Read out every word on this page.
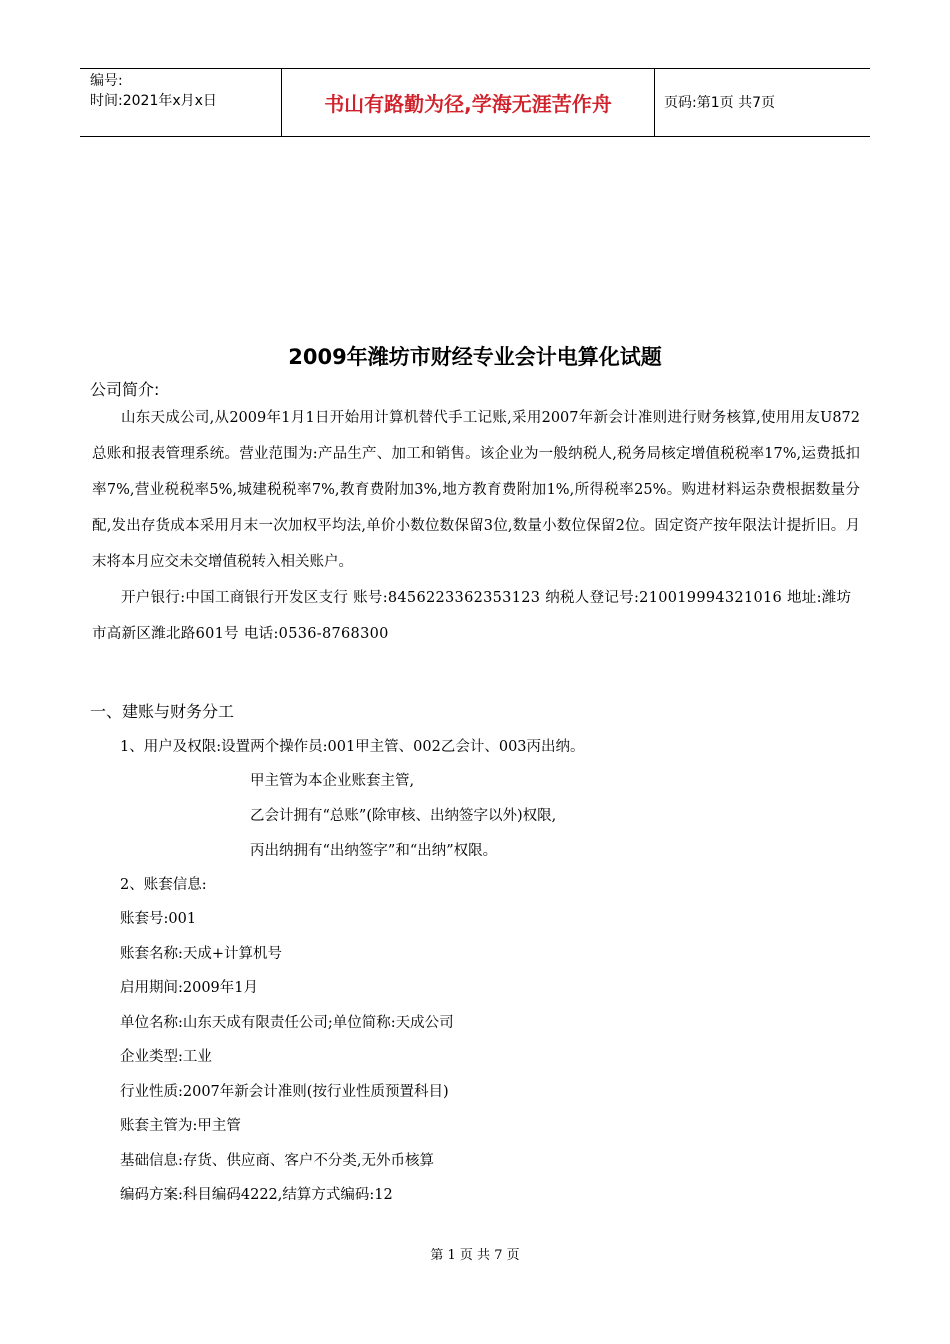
编号:
时间:2021年x月x日	书山有路勤为径,学海无涯苦作舟	页码:第1页 共7页
2009年潍坊市财经专业会计电算化试题
公司简介:

山东天成公司,从2009年1月1日开始用计算机替代手工记账,采用2007年新会计准则进行财务核算,使用用友U872总账和报表管理系统。营业范围为:产品生产、加工和销售。该企业为一般纳税人,税务局核定增值税税率17%,运费抵扣率7%,营业税税率5%,城建税税率7%,教育费附加3%,地方教育费附加1%,所得税率25%。购进材料运杂费根据数量分配,发出存货成本采用月末一次加权平均法,单价小数位数保留3位,数量小数位保留2位。固定资产按年限法计提折旧。月末将本月应交未交增值税转入相关账户。

开户银行:中国工商银行开发区支行 账号:8456223362353123 纳税人登记号:210019994321016 地址:潍坊市高新区潍北路601号 电话:0536-8768300

一、建账与财务分工
1、用户及权限:设置两个操作员:001甲主管、002乙会计、003丙出纳。
甲主管为本企业账套主管,
乙会计拥有“总账”(除审核、出纳签字以外)权限,
丙出纳拥有“出纳签字”和“出纳”权限。
2、账套信息:
账套号:001
账套名称:天成+计算机号
启用期间:2009年1月
单位名称:山东天成有限责任公司;单位简称:天成公司
企业类型:工业
行业性质:2007年新会计准则(按行业性质预置科目)
账套主管为:甲主管
基础信息:存货、供应商、客户不分类,无外币核算
编码方案:科目编码4222,结算方式编码:12
第 1 页 共 7 页
